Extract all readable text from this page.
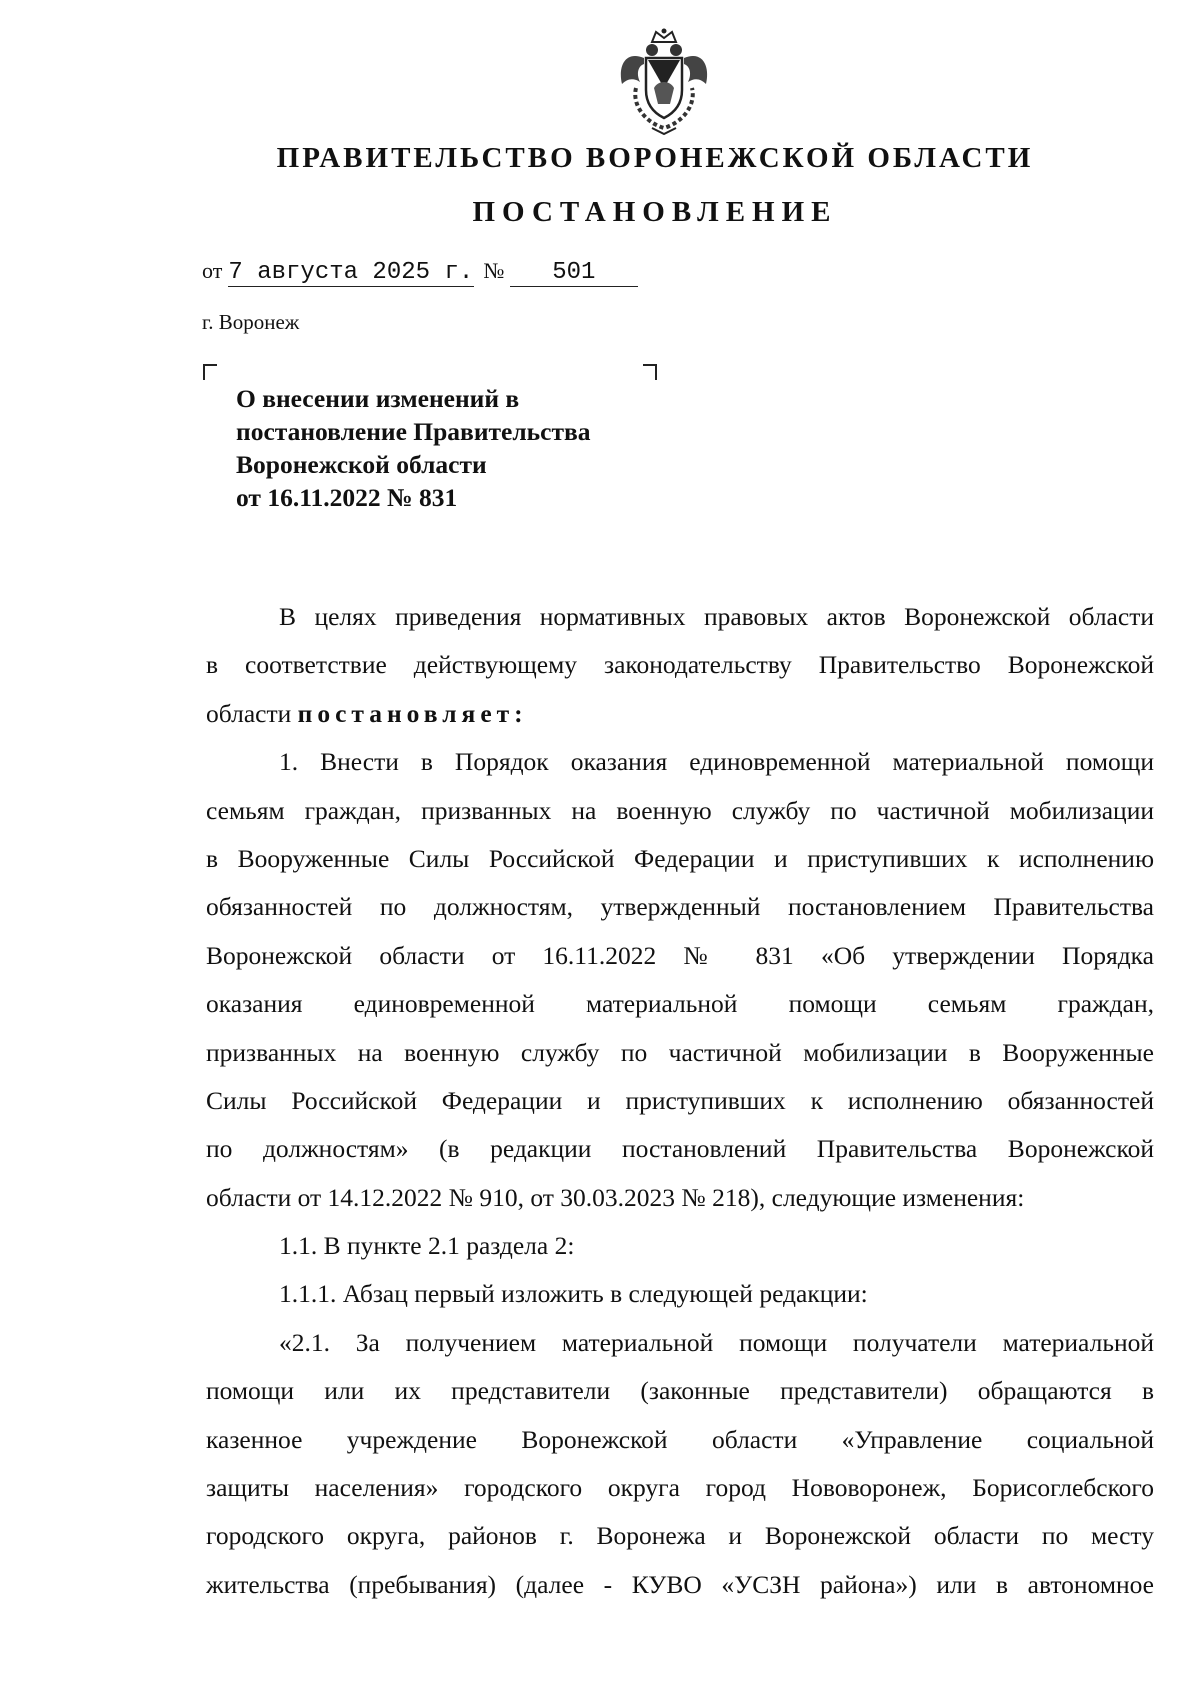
ПРАВИТЕЛЬСТВО ВОРОНЕЖСКОЙ ОБЛАСТИ
ПОСТАНОВЛЕНИЕ
от 7 августа 2025 г. № 501
г. Воронеж
О внесении изменений в
постановление Правительства
Воронежской области
от 16.11.2022 № 831
В целях приведения нормативных правовых актов Воронежской области
в соответствие действующему законодательству Правительство Воронежской
области постановляет:
1. Внести в Порядок оказания единовременной материальной помощи
семьям граждан, призванных на военную службу по частичной мобилизации
в Вооруженные Силы Российской Федерации и приступивших к исполнению
обязанностей по должностям, утвержденный постановлением Правительства
Воронежской области от 16.11.2022 № 831 «Об утверждении Порядка
оказания единовременной материальной помощи семьям граждан,
призванных на военную службу по частичной мобилизации в Вооруженные
Силы Российской Федерации и приступивших к исполнению обязанностей
по должностям» (в редакции постановлений Правительства Воронежской
области от 14.12.2022 № 910, от 30.03.2023 № 218), следующие изменения:
1.1. В пункте 2.1 раздела 2:
1.1.1. Абзац первый изложить в следующей редакции:
«2.1. За получением материальной помощи получатели материальной
помощи или их представители (законные представители) обращаются в
казенное учреждение Воронежской области «Управление социальной
защиты населения» городского округа город Нововоронеж, Борисоглебского
городского округа, районов г. Воронежа и Воронежской области по месту
жительства (пребывания) (далее - КУВО «УСЗН района») или в автономное
